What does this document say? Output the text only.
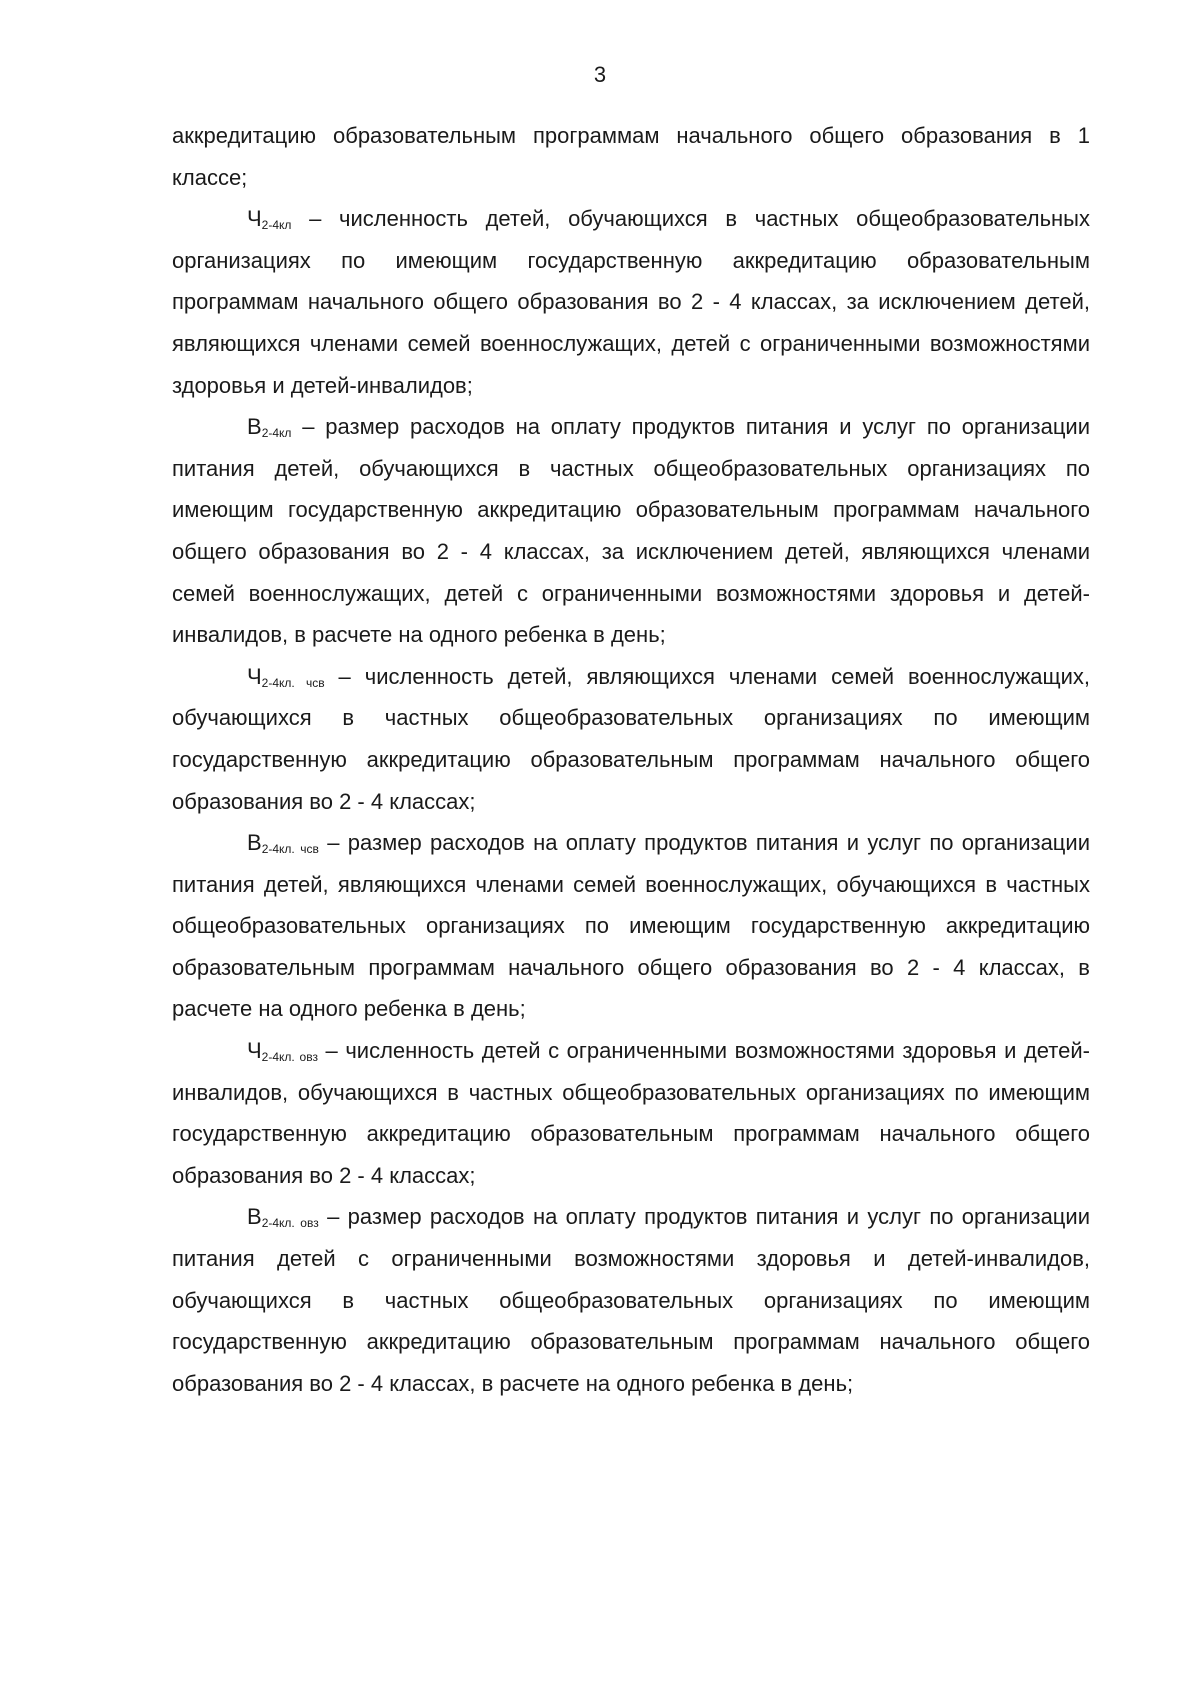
3

аккредитацию образовательным программам начального общего образования в 1 классе;

$Ч_{2-4кл}$ – численность детей, обучающихся в частных общеобразовательных организациях по имеющим государственную аккредитацию образовательным программам начального общего образования во 2 - 4 классах, за исключением детей, являющихся членами семей военнослужащих, детей с ограниченными возможностями здоровья и детей-инвалидов;

$В_{2-4кл}$ – размер расходов на оплату продуктов питания и услуг по организации питания детей, обучающихся в частных общеобразовательных организациях по имеющим государственную аккредитацию образовательным программам начального общего образования во 2 - 4 классах, за исключением детей, являющихся членами семей военнослужащих, детей с ограниченными возможностями здоровья и детей-инвалидов, в расчете на одного ребенка в день;

$Ч_{2-4кл. чсв}$ – численность детей, являющихся членами семей военнослужащих, обучающихся в частных общеобразовательных организациях по имеющим государственную аккредитацию образовательным программам начального общего образования во 2 - 4 классах;

$В_{2-4кл. чсв}$ – размер расходов на оплату продуктов питания и услуг по организации питания детей, являющихся членами семей военнослужащих, обучающихся в частных общеобразовательных организациях по имеющим государственную аккредитацию образовательным программам начального общего образования во 2 - 4 классах, в расчете на одного ребенка в день;

$Ч_{2-4кл. овз}$ – численность детей с ограниченными возможностями здоровья и детей-инвалидов, обучающихся в частных общеобразовательных организациях по имеющим государственную аккредитацию образовательным программам начального общего образования во 2 - 4 классах;

$В_{2-4кл. овз}$ – размер расходов на оплату продуктов питания и услуг по организации питания детей с ограниченными возможностями здоровья и детей-инвалидов, обучающихся в частных общеобразовательных организациях по имеющим государственную аккредитацию образовательным программам начального общего образования во 2 - 4 классах, в расчете на одного ребенка в день;
